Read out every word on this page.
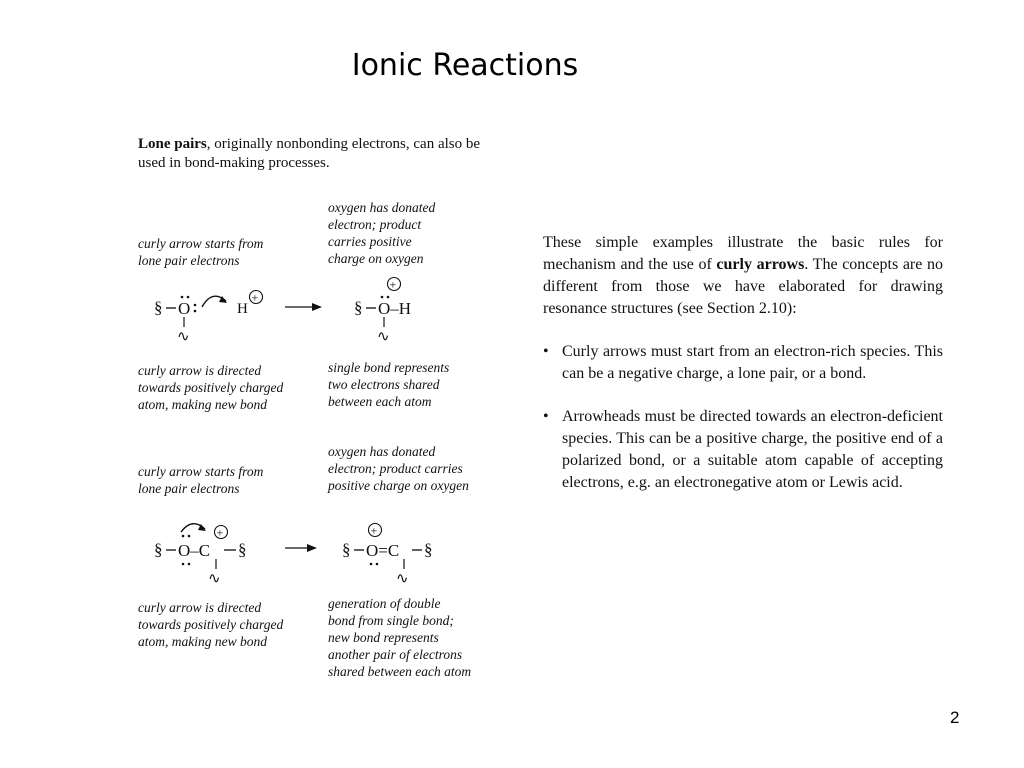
Ionic Reactions
Lone pairs, originally nonbonding electrons, can also be used in bond-making processes.
curly arrow starts from
lone pair electrons
oxygen has donated
electron; product
carries positive
charge on oxygen
curly arrow is directed
towards positively charged
atom, making new bond
single bond represents
two electrons shared
between each atom
§ O
∿
H
+
+
§ O–H
∿
curly arrow starts from
lone pair electrons
oxygen has donated
electron; product carries
positive charge on oxygen
curly arrow is directed
towards positively charged
atom, making new bond
generation of double
bond from single bond;
new bond represents
another pair of electrons
shared between each atom
§ O–C
+
§
∿
+
§ O=C §
∿

These simple examples illustrate the basic rules for mechanism and the use of curly arrows. The concepts are no different from those we have elaborated for drawing resonance structures (see Section 2.10):

• Curly arrows must start from an electron-rich species. This can be a negative charge, a lone pair, or a bond.
• Arrowheads must be directed towards an electron-deficient species. This can be a positive charge, the positive end of a polarized bond, or a suitable atom capable of accepting electrons, e.g. an electronegative atom or Lewis acid.
2
